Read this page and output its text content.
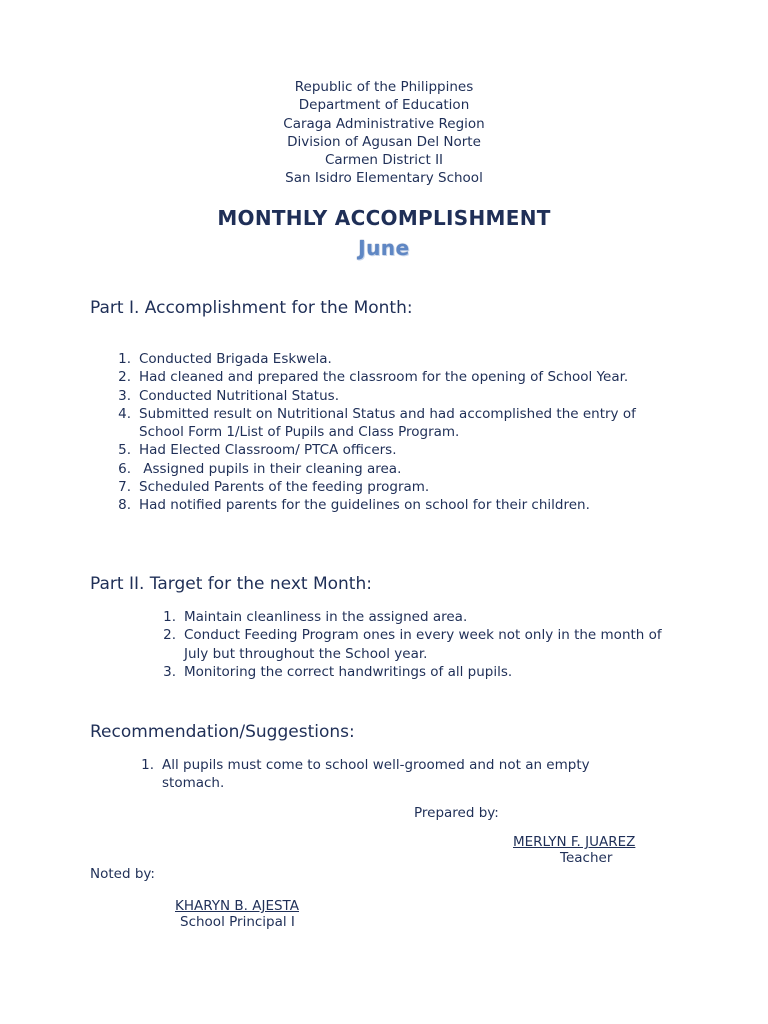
Republic of the Philippines
Department of Education
Caraga Administrative Region
Division of Agusan Del Norte
Carmen District II
San Isidro Elementary School
MONTHLY ACCOMPLISHMENT
June
Part I. Accomplishment for the Month:
1. Conducted Brigada Eskwela.
2. Had cleaned and prepared the classroom for the opening of School Year.
3. Conducted Nutritional Status.
4. Submitted result on Nutritional Status and had accomplished the entry of School Form 1/List of Pupils and Class Program.
5. Had Elected Classroom/ PTCA officers.
6. Assigned pupils in their cleaning area.
7. Scheduled Parents of the feeding program.
8. Had notified parents for the guidelines on school for their children.
Part II. Target for the next Month:
1. Maintain cleanliness in the assigned area.
2. Conduct Feeding Program ones in every week not only in the month of July but throughout the School year.
3. Monitoring the correct handwritings of all pupils.
Recommendation/Suggestions:
1. All pupils must come to school well-groomed and not an empty stomach.
Prepared by:
MERLYN F. JUAREZ
Teacher
Noted by:
KHARYN B. AJESTA
School Principal I
